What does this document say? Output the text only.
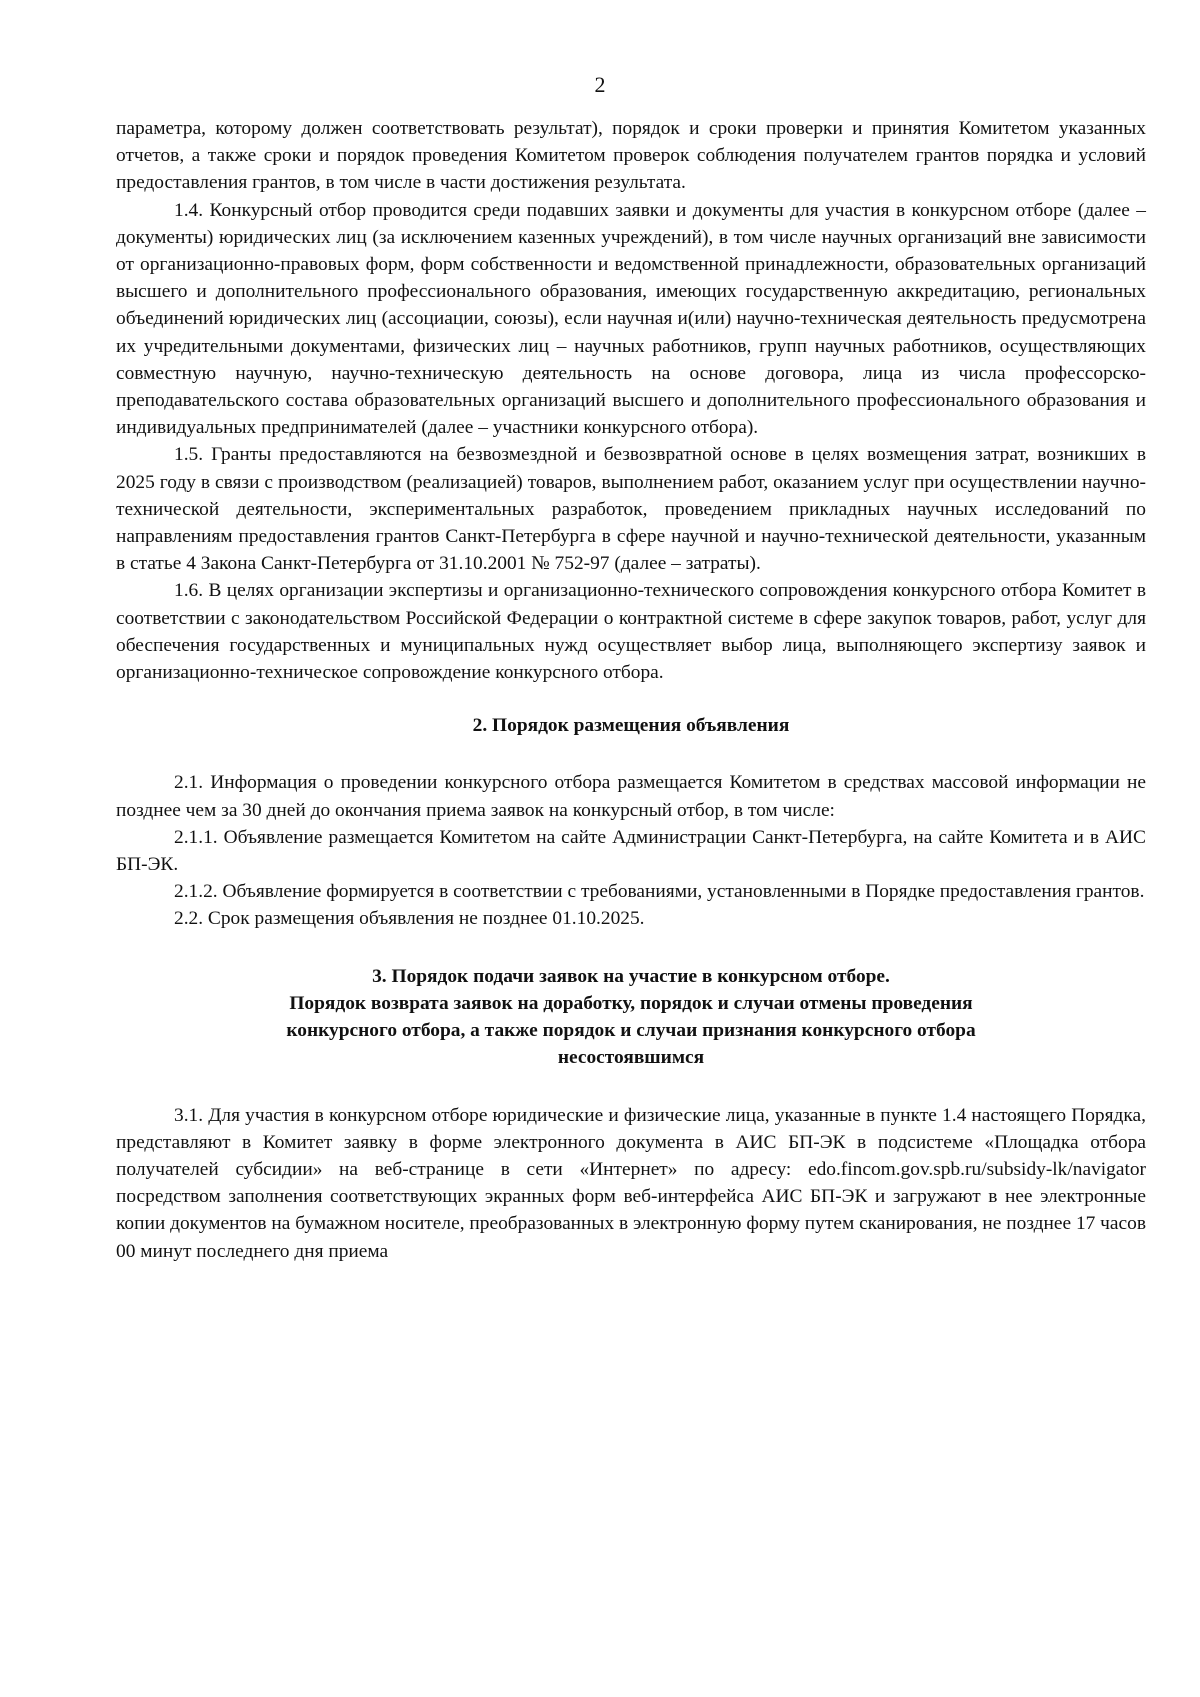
2

параметра, которому должен соответствовать результат), порядок и сроки проверки и принятия Комитетом указанных отчетов, а также сроки и порядок проведения Комитетом проверок соблюдения получателем грантов порядка и условий предоставления грантов, в том числе в части достижения результата.

1.4. Конкурсный отбор проводится среди подавших заявки и документы для участия в конкурсном отборе (далее – документы) юридических лиц (за исключением казенных учреждений), в том числе научных организаций вне зависимости от организационно-правовых форм, форм собственности и ведомственной принадлежности, образовательных организаций высшего и дополнительного профессионального образования, имеющих государственную аккредитацию, региональных объединений юридических лиц (ассоциации, союзы), если научная и(или) научно-техническая деятельность предусмотрена их учредительными документами, физических лиц – научных работников, групп научных работников, осуществляющих совместную научную, научно-техническую деятельность на основе договора, лица из числа профессорско-преподавательского состава образовательных организаций высшего и дополнительного профессионального образования и индивидуальных предпринимателей (далее – участники конкурсного отбора).

1.5. Гранты предоставляются на безвозмездной и безвозвратной основе в целях возмещения затрат, возникших в 2025 году в связи с производством (реализацией) товаров, выполнением работ, оказанием услуг при осуществлении научно-технической деятельности, экспериментальных разработок, проведением прикладных научных исследований по направлениям предоставления грантов Санкт-Петербурга в сфере научной и научно-технической деятельности, указанным в статье 4 Закона Санкт-Петербурга от 31.10.2001 № 752-97 (далее – затраты).

1.6. В целях организации экспертизы и организационно-технического сопровождения конкурсного отбора Комитет в соответствии с законодательством Российской Федерации о контрактной системе в сфере закупок товаров, работ, услуг для обеспечения государственных и муниципальных нужд осуществляет выбор лица, выполняющего экспертизу заявок и организационно-техническое сопровождение конкурсного отбора.

2. Порядок размещения объявления

2.1. Информация о проведении конкурсного отбора размещается Комитетом в средствах массовой информации не позднее чем за 30 дней до окончания приема заявок на конкурсный отбор, в том числе:

2.1.1. Объявление размещается Комитетом на сайте Администрации Санкт-Петербурга, на сайте Комитета и в АИС БП-ЭК.

2.1.2. Объявление формируется в соответствии с требованиями, установленными в Порядке предоставления грантов.

2.2. Срок размещения объявления не позднее 01.10.2025.

3. Порядок подачи заявок на участие в конкурсном отборе.
Порядок возврата заявок на доработку, порядок и случаи отмены проведения
конкурсного отбора, а также порядок и случаи признания конкурсного отбора
несостоявшимся

3.1. Для участия в конкурсном отборе юридические и физические лица, указанные в пункте 1.4 настоящего Порядка, представляют в Комитет заявку в форме электронного документа в АИС БП-ЭК в подсистеме «Площадка отбора получателей субсидии» на веб-странице в сети «Интернет» по адресу: edo.fincom.gov.spb.ru/subsidy-lk/navigator посредством заполнения соответствующих экранных форм веб-интерфейса АИС БП-ЭК и загружают в нее электронные копии документов на бумажном носителе, преобразованных в электронную форму путем сканирования, не позднее 17 часов 00 минут последнего дня приема
